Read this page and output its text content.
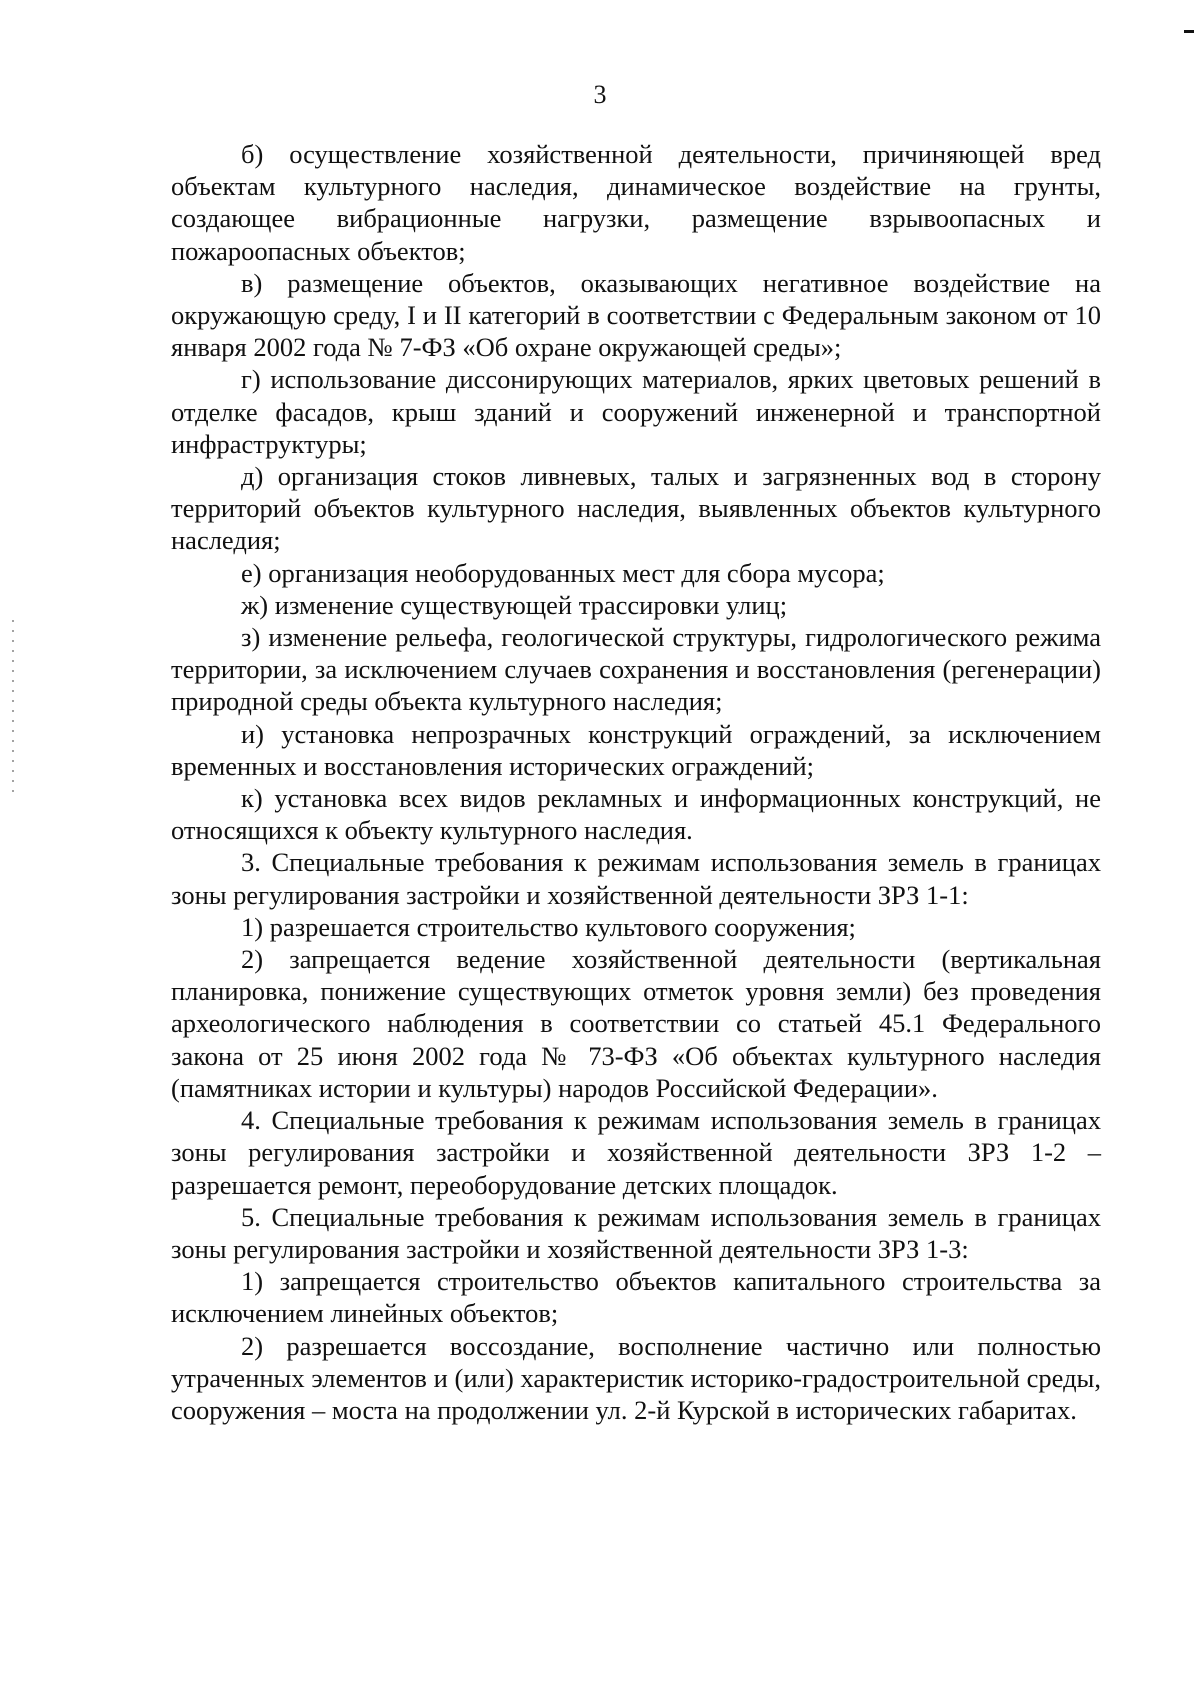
3

б) осуществление хозяйственной деятельности, причиняющей вред объектам культурного наследия, динамическое воздействие на грунты, создающее вибрационные нагрузки, размещение взрывоопасных и пожароопасных объектов;

в) размещение объектов, оказывающих негативное воздействие на окружающую среду, I и II категорий в соответствии с Федеральным законом от 10 января 2002 года № 7-ФЗ «Об охране окружающей среды»;

г) использование диссонирующих материалов, ярких цветовых решений в отделке фасадов, крыш зданий и сооружений инженерной и транспортной инфраструктуры;

д) организация стоков ливневых, талых и загрязненных вод в сторону территорий объектов культурного наследия, выявленных объектов культурного наследия;

е) организация необорудованных мест для сбора мусора;

ж) изменение существующей трассировки улиц;

з) изменение рельефа, геологической структуры, гидрологического режима территории, за исключением случаев сохранения и восстановления (регенерации) природной среды объекта культурного наследия;

и) установка непрозрачных конструкций ограждений, за исключением временных и восстановления исторических ограждений;

к) установка всех видов рекламных и информационных конструкций, не относящихся к объекту культурного наследия.

3. Специальные требования к режимам использования земель в границах зоны регулирования застройки и хозяйственной деятельности ЗРЗ 1-1:

1) разрешается строительство культового сооружения;

2) запрещается ведение хозяйственной деятельности (вертикальная планировка, понижение существующих отметок уровня земли) без проведения археологического наблюдения в соответствии со статьей 45.1 Федерального закона от 25 июня 2002 года № 73-ФЗ «Об объектах культурного наследия (памятниках истории и культуры) народов Российской Федерации».

4. Специальные требования к режимам использования земель в границах зоны регулирования застройки и хозяйственной деятельности ЗРЗ 1-2 – разрешается ремонт, переоборудование детских площадок.

5. Специальные требования к режимам использования земель в границах зоны регулирования застройки и хозяйственной деятельности ЗРЗ 1-3:

1) запрещается строительство объектов капитального строительства за исключением линейных объектов;

2) разрешается воссоздание, восполнение частично или полностью утраченных элементов и (или) характеристик историко-градостроительной среды, сооружения – моста на продолжении ул. 2-й Курской в исторических габаритах.
